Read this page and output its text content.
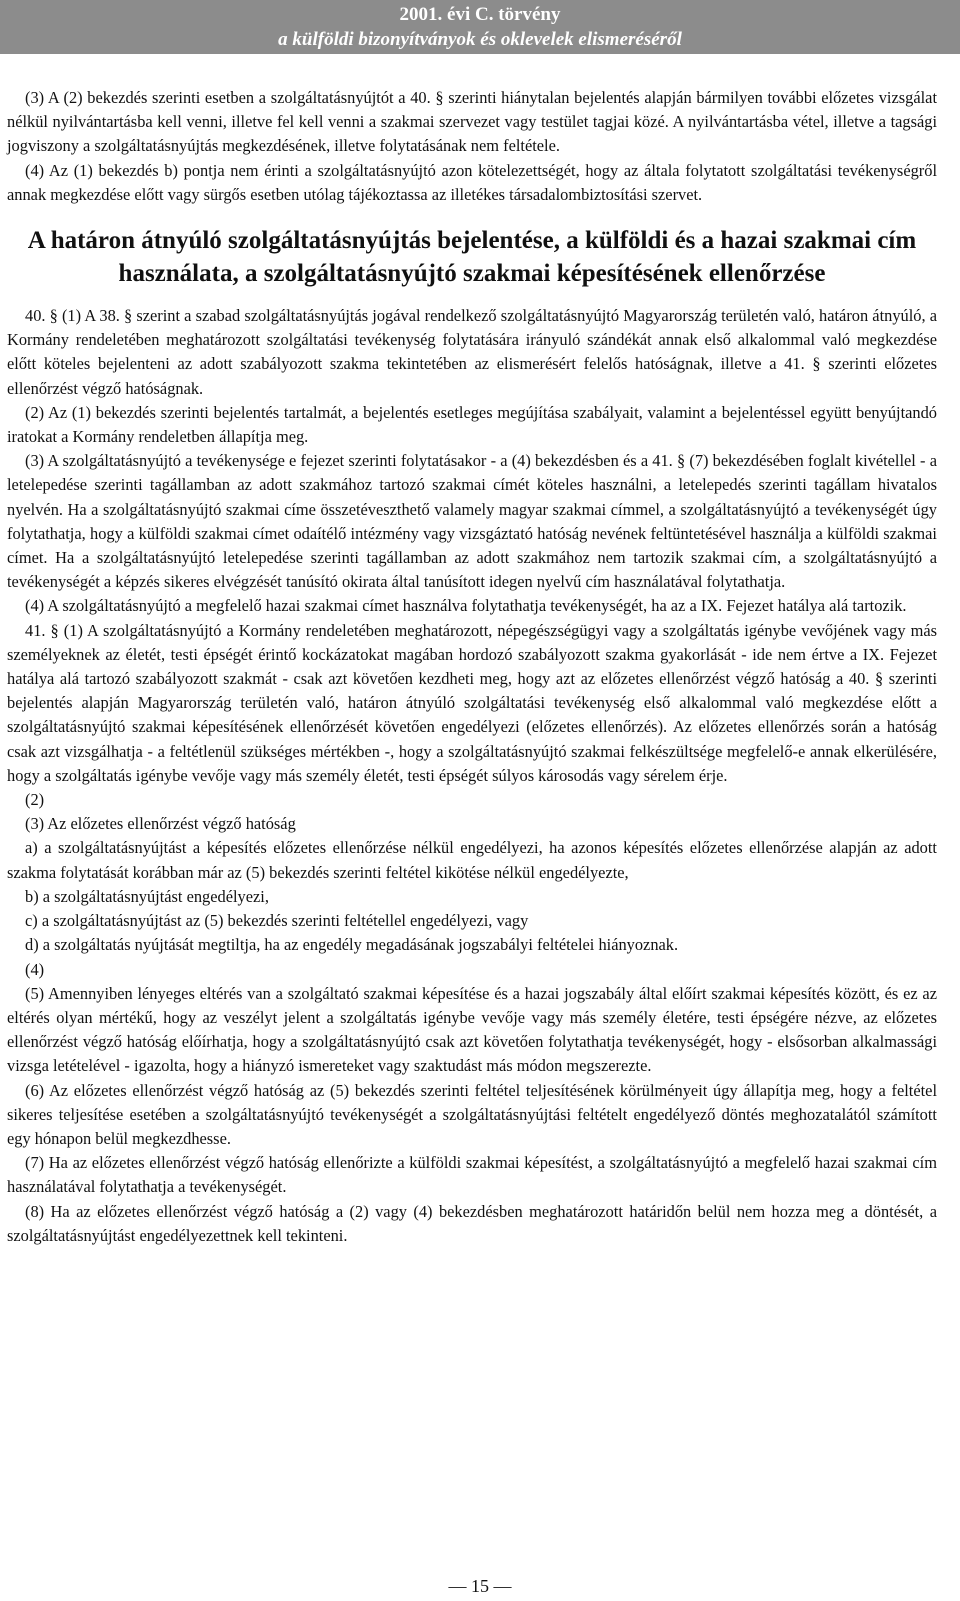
2001. évi C. törvény
a külföldi bizonyítványok és oklevelek elismeréséről

(3) A (2) bekezdés szerinti esetben a szolgáltatásnyújtót a 40. § szerinti hiánytalan bejelentés alapján bármilyen további előzetes vizsgálat nélkül nyilvántartásba kell venni, illetve fel kell venni a szakmai szervezet vagy testület tagjai közé. A nyilvántartásba vétel, illetve a tagsági jogviszony a szolgáltatásnyújtás megkezdésének, illetve folytatásának nem feltétele.

(4) Az (1) bekezdés b) pontja nem érinti a szolgáltatásnyújtó azon kötelezettségét, hogy az általa folytatott szolgáltatási tevékenységről annak megkezdése előtt vagy sürgős esetben utólag tájékoztassa az illetékes társadalombiztosítási szervet.

A határon átnyúló szolgáltatásnyújtás bejelentése, a külföldi és a hazai szakmai cím használata, a szolgáltatásnyújtó szakmai képesítésének ellenőrzése

40. § (1) A 38. § szerint a szabad szolgáltatásnyújtás jogával rendelkező szolgáltatásnyújtó Magyarország területén való, határon átnyúló, a Kormány rendeletében meghatározott szolgáltatási tevékenység folytatására irányuló szándékát annak első alkalommal való megkezdése előtt köteles bejelenteni az adott szabályozott szakma tekintetében az elismerésért felelős hatóságnak, illetve a 41. § szerinti előzetes ellenőrzést végző hatóságnak.

(2) Az (1) bekezdés szerinti bejelentés tartalmát, a bejelentés esetleges megújítása szabályait, valamint a bejelentéssel együtt benyújtandó iratokat a Kormány rendeletben állapítja meg.

(3) A szolgáltatásnyújtó a tevékenysége e fejezet szerinti folytatásakor - a (4) bekezdésben és a 41. § (7) bekezdésében foglalt kivétellel - a letelepedése szerinti tagállamban az adott szakmához tartozó szakmai címét köteles használni, a letelepedés szerinti tagállam hivatalos nyelvén. Ha a szolgáltatásnyújtó szakmai címe összetéveszthető valamely magyar szakmai címmel, a szolgáltatásnyújtó a tevékenységét úgy folytathatja, hogy a külföldi szakmai címet odaítélő intézmény vagy vizsgáztató hatóság nevének feltüntetésével használja a külföldi szakmai címet. Ha a szolgáltatásnyújtó letelepedése szerinti tagállamban az adott szakmához nem tartozik szakmai cím, a szolgáltatásnyújtó a tevékenységét a képzés sikeres elvégzését tanúsító okirata által tanúsított idegen nyelvű cím használatával folytathatja.

(4) A szolgáltatásnyújtó a megfelelő hazai szakmai címet használva folytathatja tevékenységét, ha az a IX. Fejezet hatálya alá tartozik.

41. § (1) A szolgáltatásnyújtó a Kormány rendeletében meghatározott, népegészségügyi vagy a szolgáltatás igénybe vevőjének vagy más személyeknek az életét, testi épségét érintő kockázatokat magában hordozó szabályozott szakma gyakorlását - ide nem értve a IX. Fejezet hatálya alá tartozó szabályozott szakmát - csak azt követően kezdheti meg, hogy azt az előzetes ellenőrzést végző hatóság a 40. § szerinti bejelentés alapján Magyarország területén való, határon átnyúló szolgáltatási tevékenység első alkalommal való megkezdése előtt a szolgáltatásnyújtó szakmai képesítésének ellenőrzését követően engedélyezi (előzetes ellenőrzés). Az előzetes ellenőrzés során a hatóság csak azt vizsgálhatja - a feltétlenül szükséges mértékben -, hogy a szolgáltatásnyújtó szakmai felkészültsége megfelelő-e annak elkerülésére, hogy a szolgáltatás igénybe vevője vagy más személy életét, testi épségét súlyos károsodás vagy sérelem érje.

(2)

(3) Az előzetes ellenőrzést végző hatóság

a) a szolgáltatásnyújtást a képesítés előzetes ellenőrzése nélkül engedélyezi, ha azonos képesítés előzetes ellenőrzése alapján az adott szakma folytatását korábban már az (5) bekezdés szerinti feltétel kikötése nélkül engedélyezte,

b) a szolgáltatásnyújtást engedélyezi,

c) a szolgáltatásnyújtást az (5) bekezdés szerinti feltétellel engedélyezi, vagy

d) a szolgáltatás nyújtását megtiltja, ha az engedély megadásának jogszabályi feltételei hiányoznak.

(4)

(5) Amennyiben lényeges eltérés van a szolgáltató szakmai képesítése és a hazai jogszabály által előírt szakmai képesítés között, és ez az eltérés olyan mértékű, hogy az veszélyt jelent a szolgáltatás igénybe vevője vagy más személy életére, testi épségére nézve, az előzetes ellenőrzést végző hatóság előírhatja, hogy a szolgáltatásnyújtó csak azt követően folytathatja tevékenységét, hogy - elsősorban alkalmassági vizsga letételével - igazolta, hogy a hiányzó ismereteket vagy szaktudást más módon megszerezte.

(6) Az előzetes ellenőrzést végző hatóság az (5) bekezdés szerinti feltétel teljesítésének körülményeit úgy állapítja meg, hogy a feltétel sikeres teljesítése esetében a szolgáltatásnyújtó tevékenységét a szolgáltatásnyújtási feltételt engedélyező döntés meghozatalától számított egy hónapon belül megkezdhesse.

(7) Ha az előzetes ellenőrzést végző hatóság ellenőrizte a külföldi szakmai képesítést, a szolgáltatásnyújtó a megfelelő hazai szakmai cím használatával folytathatja a tevékenységét.

(8) Ha az előzetes ellenőrzést végző hatóság a (2) vagy (4) bekezdésben meghatározott határidőn belül nem hozza meg a döntését, a szolgáltatásnyújtást engedélyezettnek kell tekinteni.

— 15 —
